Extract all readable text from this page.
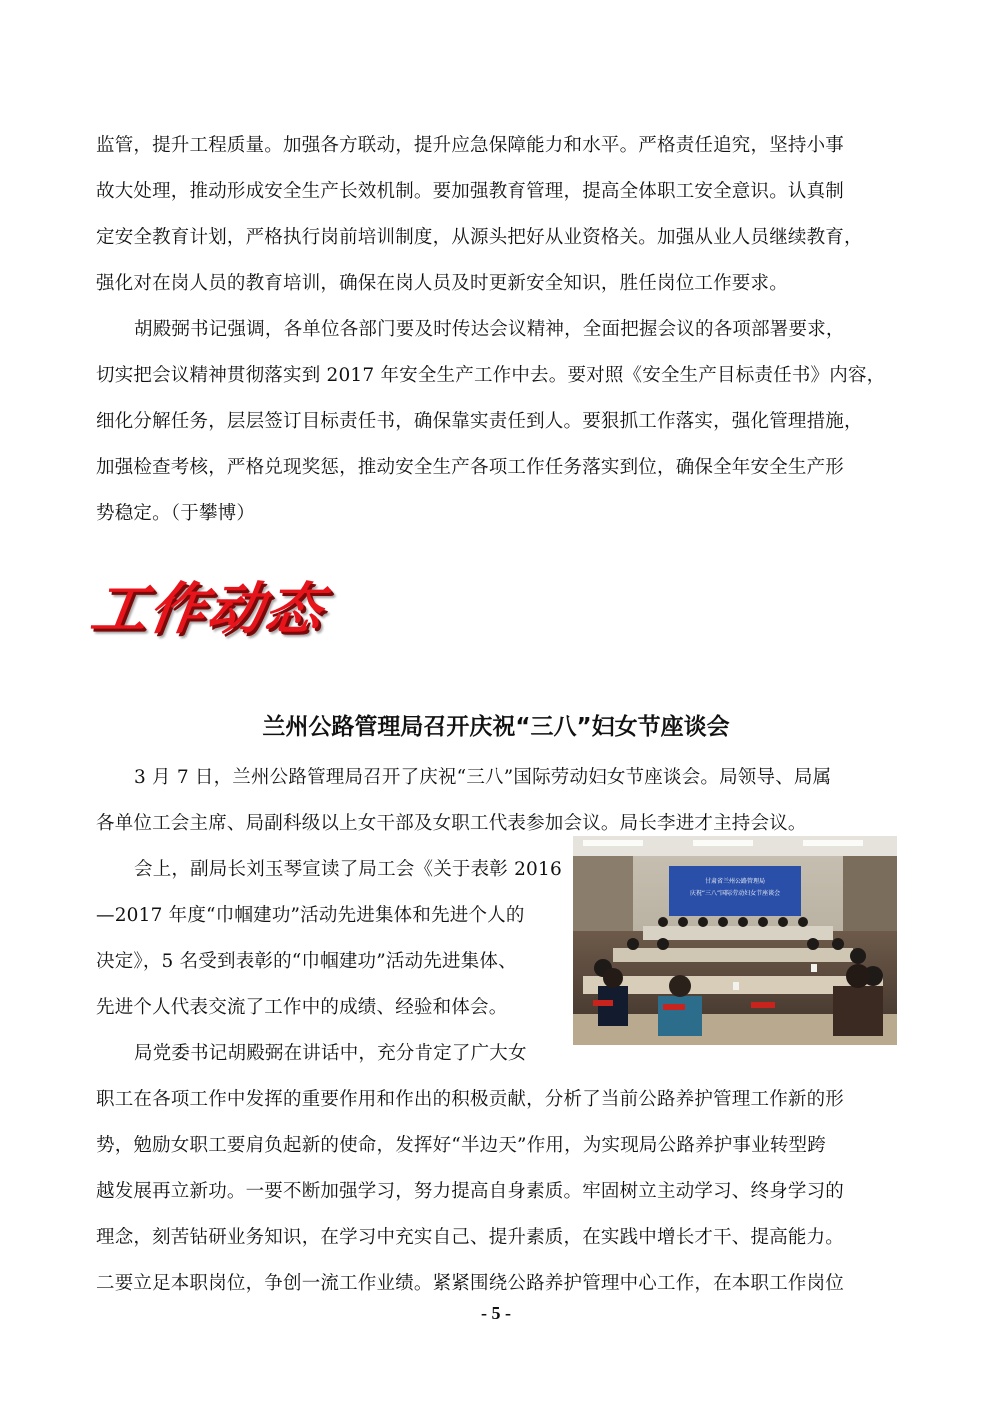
监管，提升工程质量。加强各方联动，提升应急保障能力和水平。严格责任追究，坚持小事
故大处理，推动形成安全生产长效机制。要加强教育管理，提高全体职工安全意识。认真制
定安全教育计划，严格执行岗前培训制度，从源头把好从业资格关。加强从业人员继续教育，
强化对在岗人员的教育培训，确保在岗人员及时更新安全知识，胜任岗位工作要求。
胡殿弼书记强调，各单位各部门要及时传达会议精神，全面把握会议的各项部署要求，
切实把会议精神贯彻落实到 2017 年安全生产工作中去。要对照《安全生产目标责任书》内容，
细化分解任务，层层签订目标责任书，确保靠实责任到人。要狠抓工作落实，强化管理措施，
加强检查考核，严格兑现奖惩，推动安全生产各项工作任务落实到位，确保全年安全生产形
势稳定。（于攀博）
工作动态
兰州公路管理局召开庆祝“三八”妇女节座谈会
3 月 7 日，兰州公路管理局召开了庆祝“三八”国际劳动妇女节座谈会。局领导、局属
各单位工会主席、局副科级以上女干部及女职工代表参加会议。局长李进才主持会议。
会上，副局长刘玉琴宣读了局工会《关于表彰 2016
—2017 年度“巾帼建功”活动先进集体和先进个人的
决定》，5 名受到表彰的“巾帼建功”活动先进集体、
先进个人代表交流了工作中的成绩、经验和体会。
局党委书记胡殿弼在讲话中，充分肯定了广大女
职工在各项工作中发挥的重要作用和作出的积极贡献，分析了当前公路养护管理工作新的形
势，勉励女职工要肩负起新的使命，发挥好“半边天”作用，为实现局公路养护事业转型跨
越发展再立新功。一要不断加强学习，努力提高自身素质。牢固树立主动学习、终身学习的
理念，刻苦钻研业务知识，在学习中充实自己、提升素质，在实践中增长才干、提高能力。
二要立足本职岗位，争创一流工作业绩。紧紧围绕公路养护管理中心工作，在本职工作岗位
甘肃省兰州公路管理局
庆祝“三八”国际劳动妇女节座谈会
- 5 -
